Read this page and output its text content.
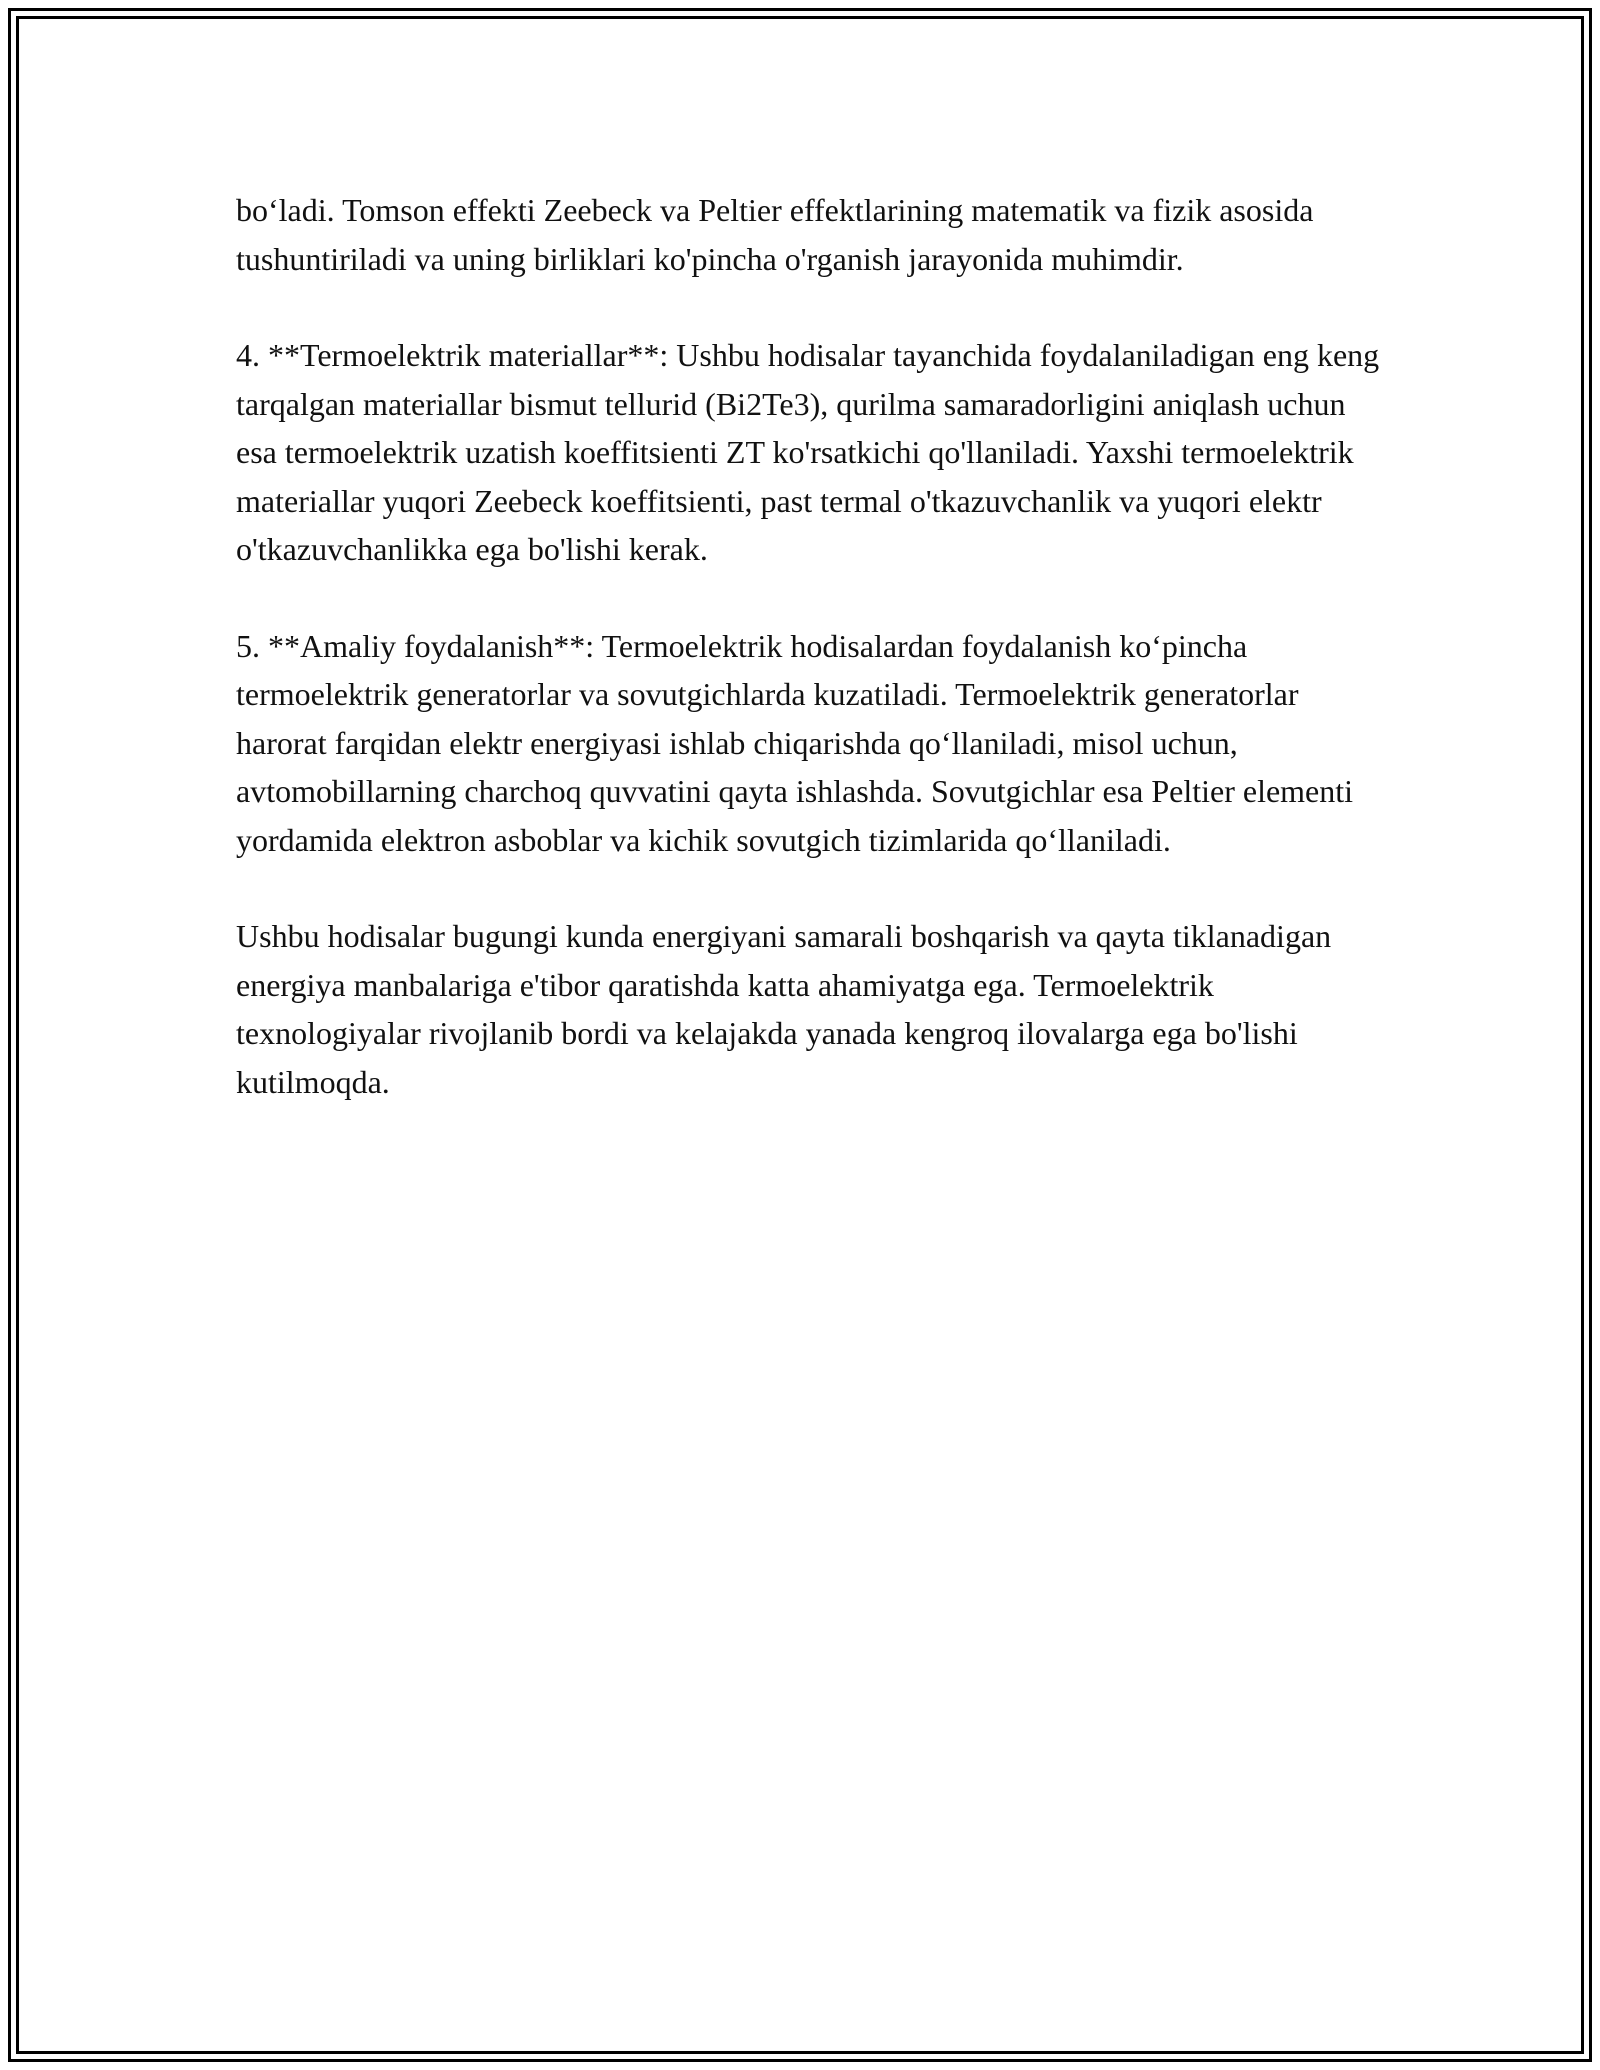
bo‘ladi. Tomson effekti Zeebeck va Peltier effektlarining matematik va fizik asosida tushuntiriladi va uning birliklari ko'pincha o'rganish jarayonida muhimdir.

4. **Termoelektrik materiallar**: Ushbu hodisalar tayanchida foydalaniladigan eng keng tarqalgan materiallar bismut tellurid (Bi2Te3), qurilma samaradorligini aniqlash uchun esa termoelektrik uzatish koeffitsienti ZT ko'rsatkichi qo'llaniladi. Yaxshi termoelektrik materiallar yuqori Zeebeck koeffitsienti, past termal o'tkazuvchanlik va yuqori elektr o'tkazuvchanlikka ega bo'lishi kerak.

5. **Amaliy foydalanish**: Termoelektrik hodisalardan foydalanish ko‘pincha termoelektrik generatorlar va sovutgichlarda kuzatiladi. Termoelektrik generatorlar harorat farqidan elektr energiyasi ishlab chiqarishda qo‘llaniladi, misol uchun, avtomobillarning charchoq quvvatini qayta ishlashda. Sovutgichlar esa Peltier elementi yordamida elektron asboblar va kichik sovutgich tizimlarida qo‘llaniladi.

Ushbu hodisalar bugungi kunda energiyani samarali boshqarish va qayta tiklanadigan energiya manbalariga e'tibor qaratishda katta ahamiyatga ega. Termoelektrik texnologiyalar rivojlanib bordi va kelajakda yanada kengroq ilovalarga ega bo'lishi kutilmoqda.
